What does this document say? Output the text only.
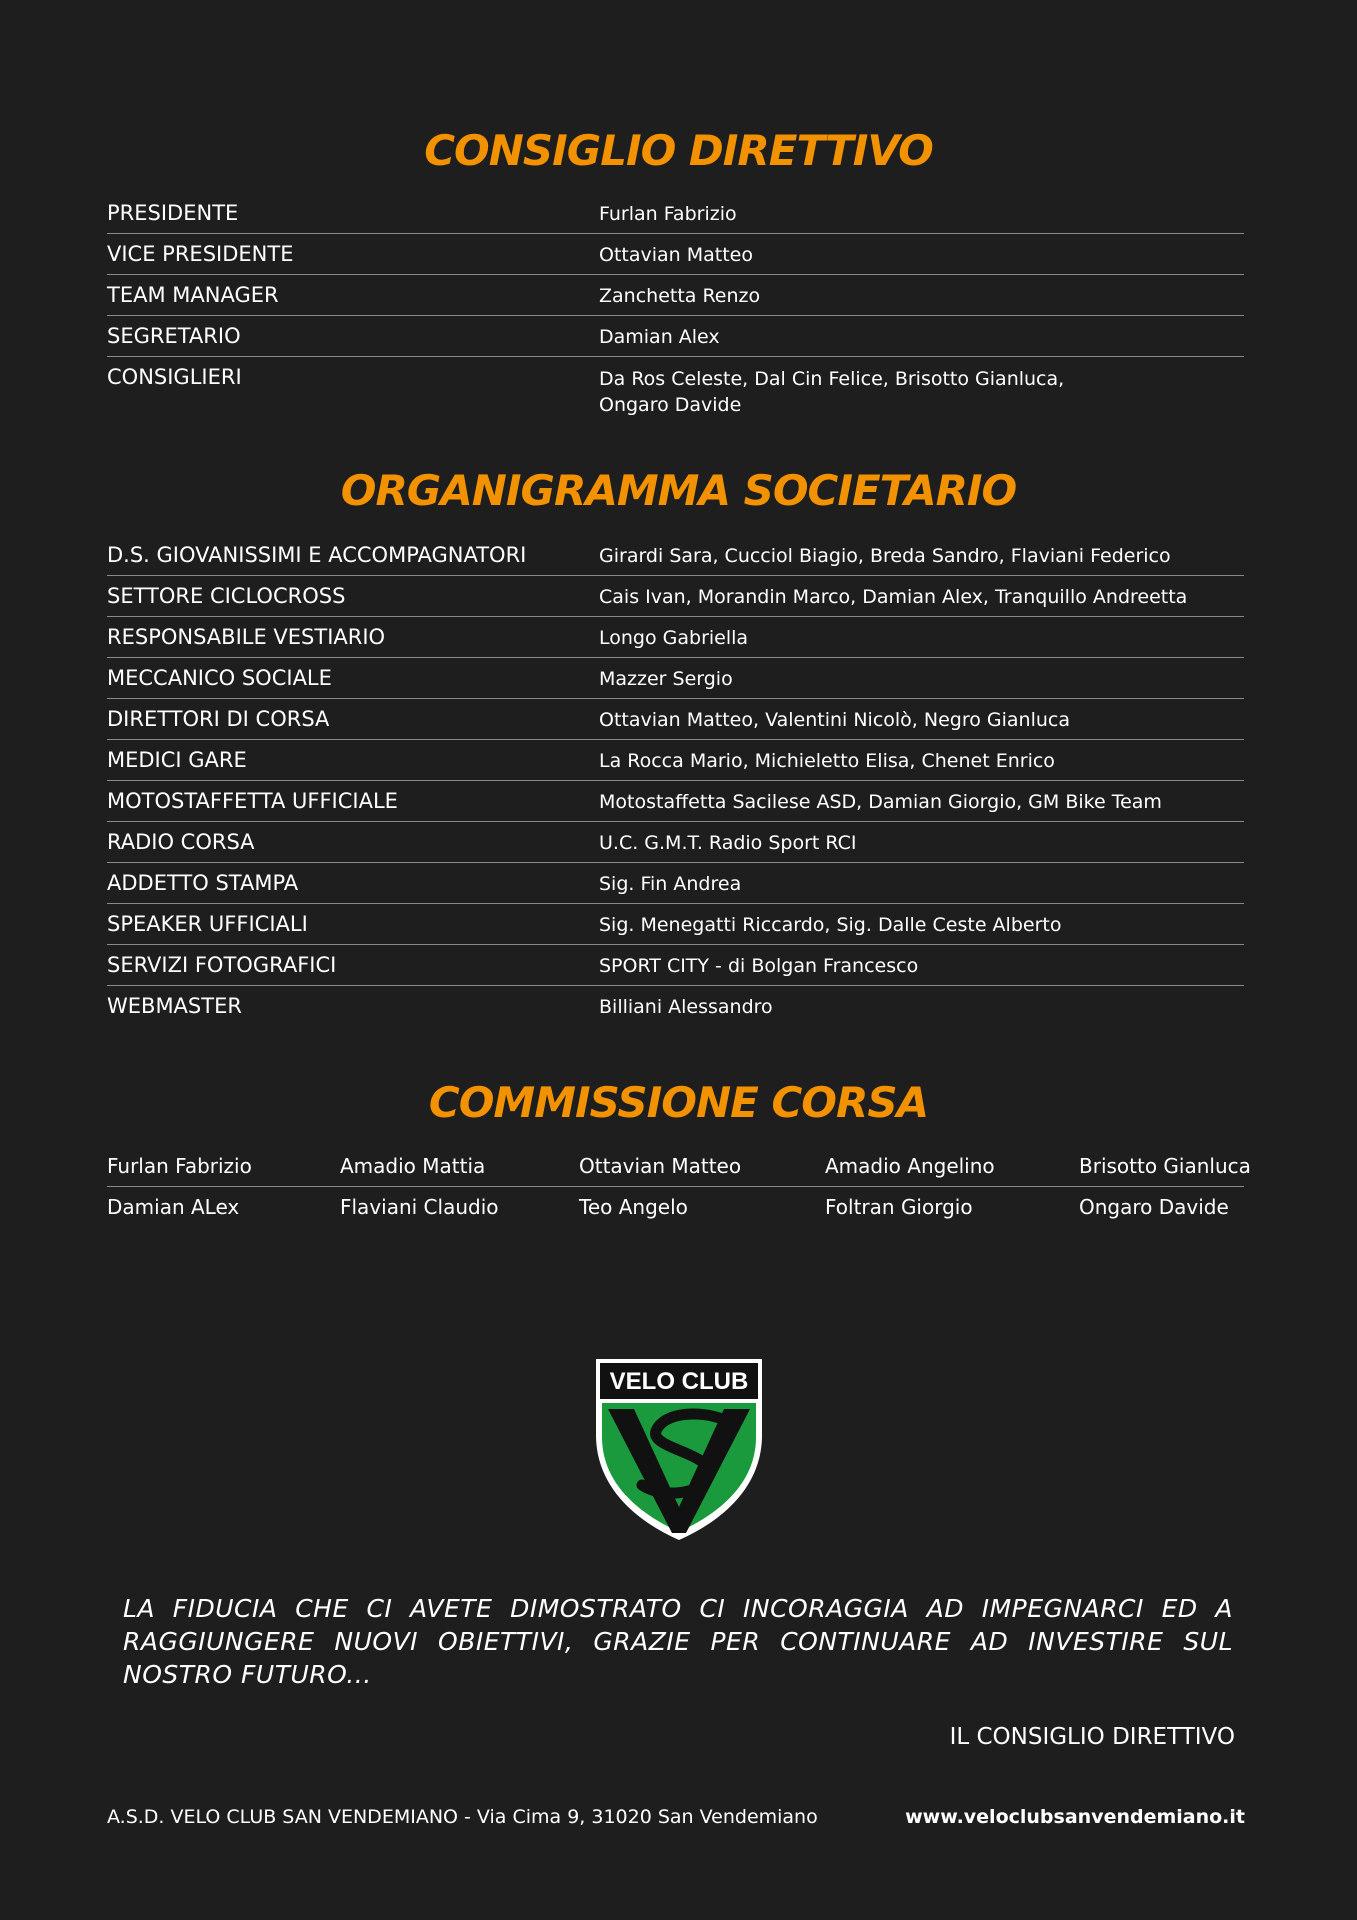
CONSIGLIO DIRETTIVO
PRESIDENTE	Furlan Fabrizio
VICE PRESIDENTE	Ottavian Matteo
TEAM MANAGER	Zanchetta Renzo
SEGRETARIO	Damian Alex
CONSIGLIERI	Da Ros Celeste, Dal Cin Felice, Brisotto Gianluca, Ongaro Davide
ORGANIGRAMMA SOCIETARIO
D.S. GIOVANISSIMI E ACCOMPAGNATORI	Girardi Sara, Cucciol Biagio, Breda Sandro, Flaviani Federico
SETTORE CICLOCROSS	Cais Ivan, Morandin Marco, Damian Alex, Tranquillo Andreetta
RESPONSABILE VESTIARIO	Longo Gabriella
MECCANICO SOCIALE	Mazzer Sergio
DIRETTORI DI CORSA	Ottavian Matteo, Valentini Nicolò, Negro Gianluca
MEDICI GARE	La Rocca Mario, Michieletto Elisa, Chenet Enrico
MOTOSTAFFETTA UFFICIALE	Motostaffetta Sacilese ASD, Damian Giorgio, GM Bike Team
RADIO CORSA	U.C. G.M.T. Radio Sport RCI
ADDETTO STAMPA	Sig. Fin Andrea
SPEAKER UFFICIALI	Sig. Menegatti Riccardo, Sig. Dalle Ceste Alberto
SERVIZI FOTOGRAFICI	SPORT CITY - di Bolgan Francesco
WEBMASTER	Billiani Alessandro
COMMISSIONE CORSA
Furlan Fabrizio	Amadio Mattia	Ottavian Matteo	Amadio Angelino	Brisotto Gianluca
Damian ALex	Flaviani Claudio	Teo Angelo	Foltran Giorgio	Ongaro Davide
VELO CLUB

LA FIDUCIA CHE CI AVETE DIMOSTRATO CI INCORAGGIA AD IMPEGNARCI ED A RAGGIUNGERE NUOVI OBIETTIVI, GRAZIE PER CONTINUARE AD INVESTIRE SUL NOSTRO FUTURO...

IL CONSIGLIO DIRETTIVO
A.S.D. VELO CLUB SAN VENDEMIANO - Via Cima 9, 31020 San Vendemiano	www.veloclubsanvendemiano.it
